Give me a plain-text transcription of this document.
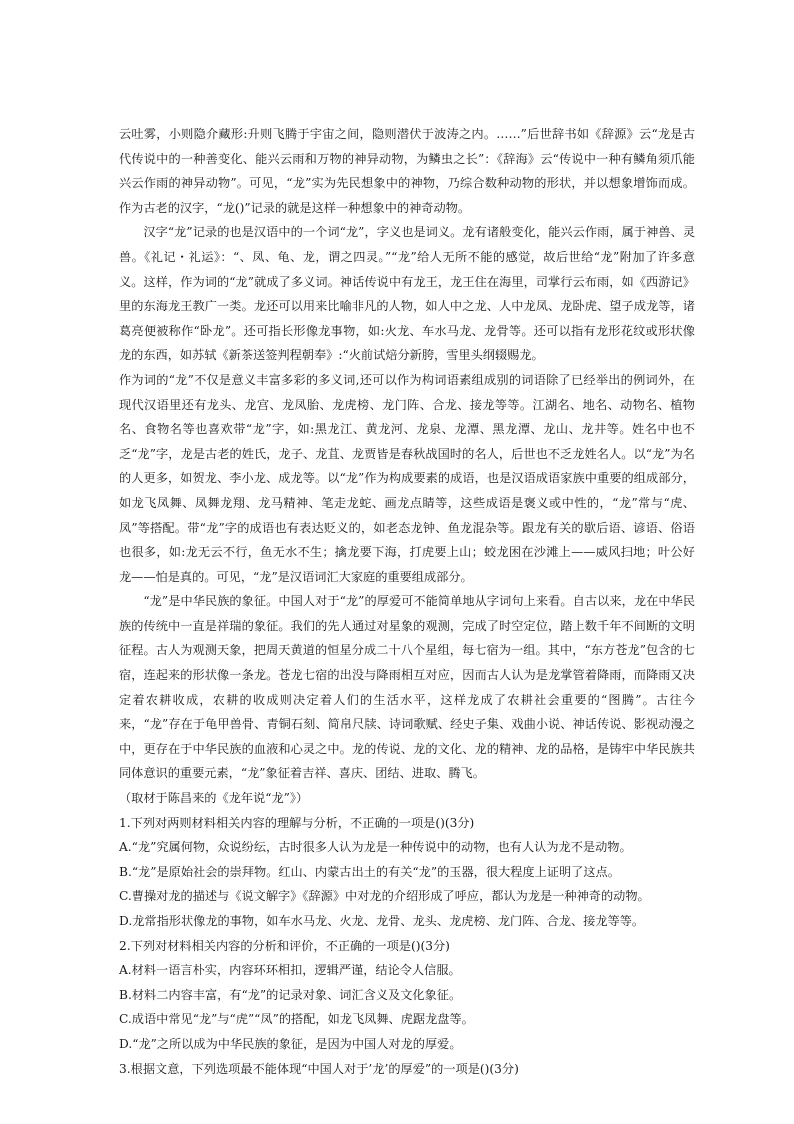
云吐雾，小则隐介藏形:升则飞腾于宇宙之间，隐则潜伏于波涛之内。……”后世辞书如《辞源》云“龙是古代传说中的一种善变化、能兴云雨和万物的神异动物，为鳞虫之长”：《辞海》云“传说中一种有鳞角须爪能兴云作雨的神异动物”。可见，“龙”实为先民想象中的神物，乃综合数种动物的形状，并以想象增饰而成。作为古老的汉字，“龙()”记录的就是这样一种想象中的神奇动物。

汉字“龙”记录的也是汉语中的一个词“龙”，字义也是词义。龙有诸般变化，能兴云作雨，属于神兽、灵兽。《礼记・礼运》：“、凤、龟、龙，谓之四灵。”“龙”给人无所不能的感觉，故后世给“龙”附加了许多意义。这样，作为词的“龙”就成了多义词。神话传说中有龙王，龙王住在海里，司掌行云布雨，如《西游记》里的东海龙王教广一类。龙还可以用来比喻非凡的人物，如人中之龙、人中龙凤、龙卧虎、望子成龙等，诸葛亮便被称作“卧龙”。还可指长形像龙事物，如:火龙、车水马龙、龙骨等。还可以指有龙形花纹或形状像龙的东西，如苏轼《新茶送签判程朝奉》:“火前试焙分新胯，雪里头纲辍赐龙。

作为词的“龙”不仅是意义丰富多彩的多义词,还可以作为构词语素组成别的词语除了已经举出的例词外，在现代汉语里还有龙头、龙宫、龙凤胎、龙虎榜、龙门阵、合龙、接龙等等。江湖名、地名、动物名、植物名、食物名等也喜欢带“龙”字，如:黑龙江、黄龙河、龙泉、龙潭、黑龙潭、龙山、龙井等。姓名中也不乏“龙”字，龙是古老的姓氏，龙子、龙苴、龙贾皆是春秋战国时的名人，后世也不乏龙姓名人。以“龙”为名的人更多，如贺龙、李小龙、成龙等。以“龙”作为构成要素的成语，也是汉语成语家族中重要的组成部分，如龙飞凤舞、凤舞龙翔、龙马精神、笔走龙蛇、画龙点睛等，这些成语是褒义或中性的，“龙”常与“虎、凤”等搭配。带“龙”字的成语也有表达贬义的，如老态龙钟、鱼龙混杂等。跟龙有关的歇后语、谚语、俗语也很多，如:龙无云不行，鱼无水不生；擒龙要下海，打虎要上山；蛟龙困在沙滩上——威风扫地；叶公好龙——怕是真的。可见，“龙”是汉语词汇大家庭的重要组成部分。

“龙”是中华民族的象征。中国人对于“龙”的厚爱可不能简单地从字词句上来看。自古以来，龙在中华民族的传统中一直是祥瑞的象征。我们的先人通过对星象的观测，完成了时空定位，踏上数千年不间断的文明征程。古人为观测天象，把周天黄道的恒星分成二十八个星组，每七宿为一组。其中，“东方苍龙”包含的七宿，连起来的形状像一条龙。苍龙七宿的出没与降雨相互对应，因而古人认为是龙掌管着降雨，而降雨又决定着农耕收成，农耕的收成则决定着人们的生活水平，这样龙成了农耕社会重要的“图腾”。古往今来，“龙”存在于龟甲兽骨、青铜石刻、简帛尺牍、诗词歌赋、经史子集、戏曲小说、神话传说、影视动漫之中，更存在于中华民族的血液和心灵之中。龙的传说、龙的文化、龙的精神、龙的品格，是铸牢中华民族共同体意识的重要元素，“龙”象征着吉祥、喜庆、团结、进取、腾飞。

（取材于陈昌来的《龙年说“龙”》）

1.下列对两则材料相关内容的理解与分析，不正确的一项是()(3分)

A.“龙”究属何物，众说纷纭，古时很多人认为龙是一种传说中的动物，也有人认为龙不是动物。

B.“龙”是原始社会的崇拜物。红山、内蒙古出土的有关“龙”的玉器，很大程度上证明了这点。

C.曹操对龙的描述与《说文解字》《辞源》中对龙的介绍形成了呼应，都认为龙是一种神奇的动物。

D.龙常指形状像龙的事物，如车水马龙、火龙、龙骨、龙头、龙虎榜、龙门阵、合龙、接龙等等。

2.下列对材料相关内容的分析和评价，不正确的一项是()(3分)

A.材料一语言朴实，内容环环相扣，逻辑严谨，结论令人信服。

B.材料二内容丰富，有“龙”的记录对象、词汇含义及文化象征。

C.成语中常见“龙”与“虎”“凤”的搭配，如龙飞凤舞、虎踞龙盘等。

D.“龙”之所以成为中华民族的象征，是因为中国人对龙的厚爱。

3.根据文意，下列选项最不能体现“中国人对于’龙’的厚爱”的一项是()(3分)
